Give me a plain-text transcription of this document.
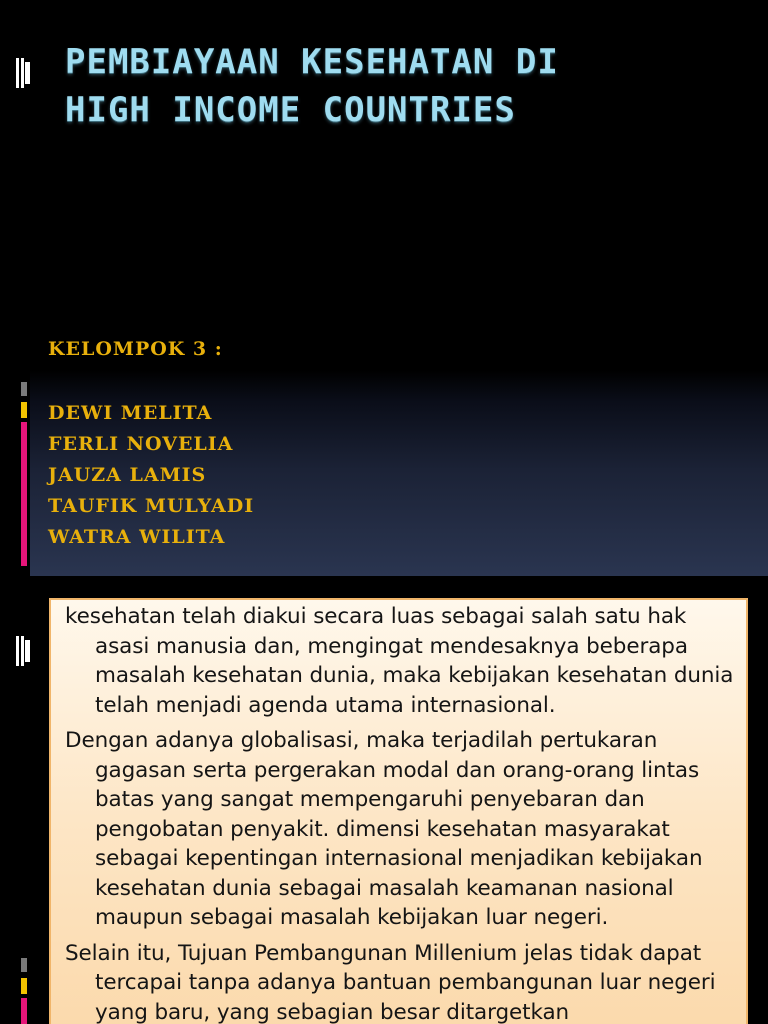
PEMBIAYAAN KESEHATAN DI
HIGH INCOME COUNTRIES
KELOMPOK 3 :
DEWI MELITA
FERLI NOVELIA
JAUZA LAMIS
TAUFIK MULYADI
WATRA WILITA

kesehatan telah diakui secara luas sebagai salah satu hak asasi manusia dan, mengingat mendesaknya beberapa masalah kesehatan dunia, maka kebijakan kesehatan dunia telah menjadi agenda utama internasional.

Dengan adanya globalisasi, maka terjadilah pertukaran gagasan serta pergerakan modal dan orang-orang lintas batas yang sangat mempengaruhi penyebaran dan pengobatan penyakit. dimensi kesehatan masyarakat sebagai kepentingan internasional menjadikan kebijakan kesehatan dunia sebagai masalah keamanan nasional maupun sebagai masalah kebijakan luar negeri.

Selain itu, Tujuan Pembangunan Millenium jelas tidak dapat tercapai tanpa adanya bantuan pembangunan luar negeri yang baru, yang sebagian besar ditargetkan
